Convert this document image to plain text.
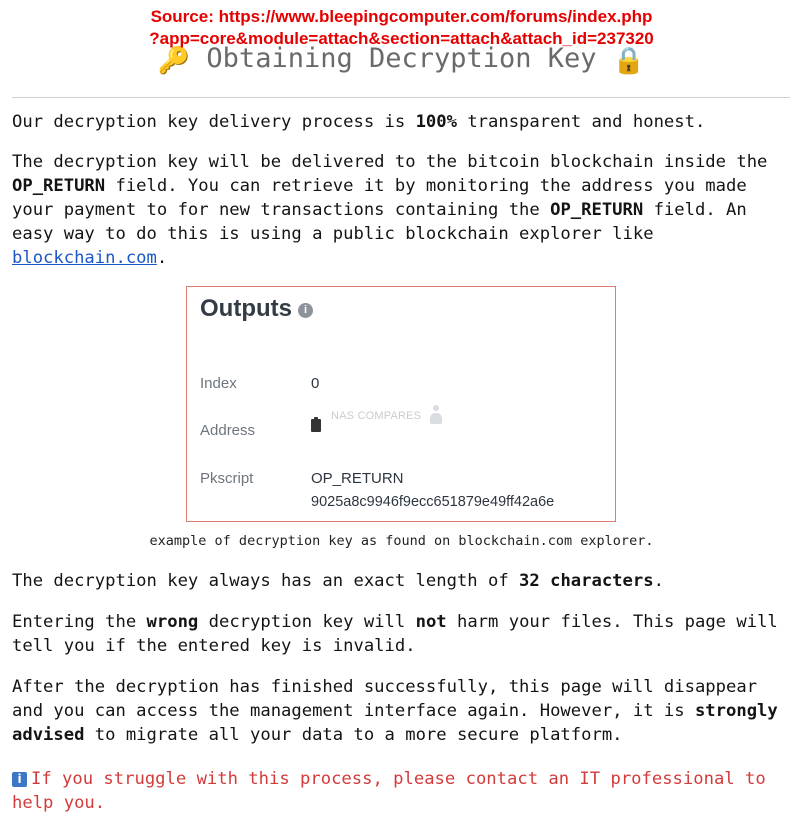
Source: https://www.bleepingcomputer.com/forums/index.php
?app=core&module=attach&section=attach&attach_id=237320
🔑 Obtaining Decryption Key 🔒

Our decryption key delivery process is 100% transparent and honest.

The decryption key will be delivered to the bitcoin blockchain inside the OP_RETURN field. You can retrieve it by monitoring the address you made your payment to for new transactions containing the OP_RETURN field. An easy way to do this is using a public blockchain explorer like blockchain.com.

Outputs i
Index	0
NAS COMPARES
Address
Pkscript	OP_RETURN
9025a8c9946f9ecc651879e49ff42a6e
example of decryption key as found on blockchain.com explorer.

The decryption key always has an exact length of 32 characters.

Entering the wrong decryption key will not harm your files. This page will tell you if the entered key is invalid.

After the decryption has finished successfully, this page will disappear and you can access the management interface again. However, it is strongly advised to migrate all your data to a more secure platform.

i If you struggle with this process, please contact an IT professional to help you.
